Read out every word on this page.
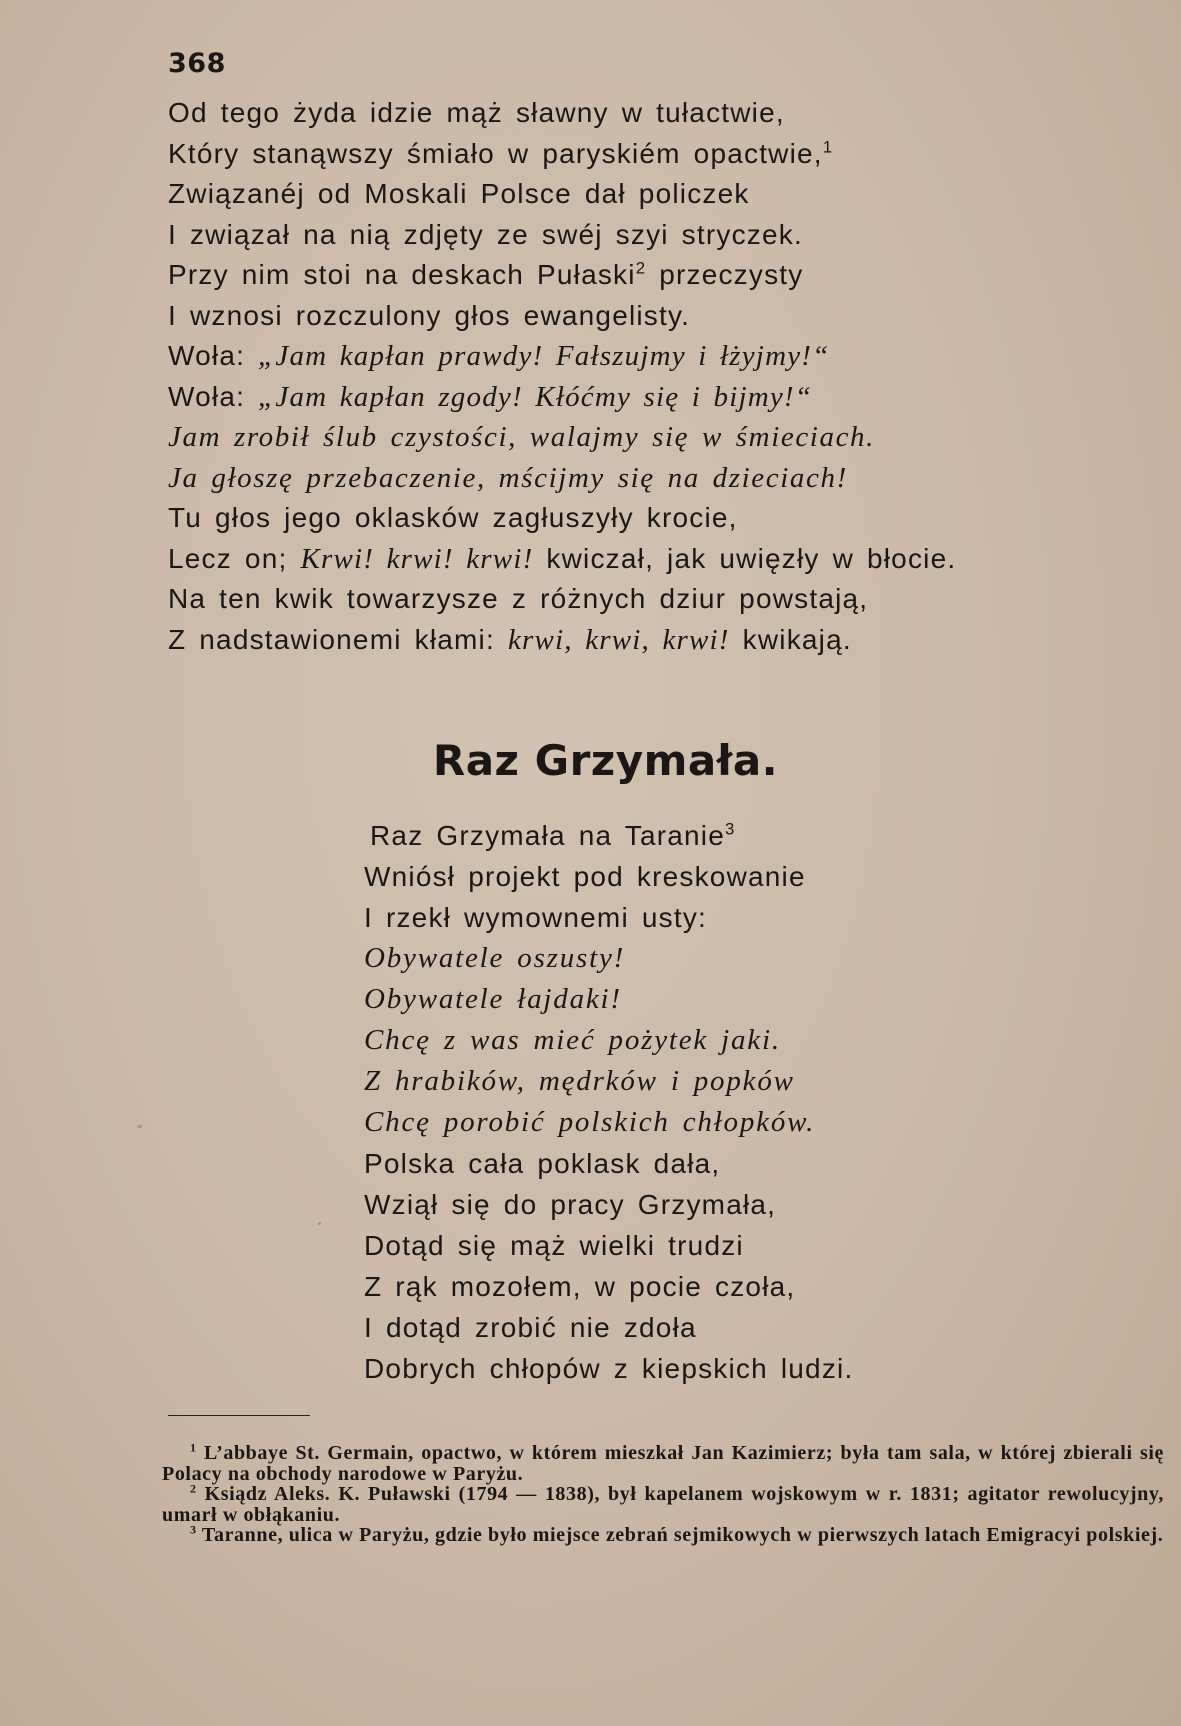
368
Od tego żyda idzie mąż sławny w tułactwie,
Który stanąwszy śmiało w paryskiém opactwie,$^1$
Związanéj od Moskali Polsce dał policzek
I związał na nią zdjęty ze swéj szyi stryczek.
Przy nim stoi na deskach Pułaski$^2$ przeczysty
I wznosi rozczulony głos ewangelisty.
Woła: „Jam kapłan prawdy! Fałszujmy i łżyjmy!“
Woła: „Jam kapłan zgody! Kłóćmy się i bijmy!“
Jam zrobił ślub czystości, walajmy się w śmieciach.
Ja głoszę przebaczenie, mścijmy się na dzieciach!
Tu głos jego oklasków zagłuszyły krocie,
Lecz on; Krwi! krwi! krwi! kwiczał, jak uwięzły w błocie.
Na ten kwik towarzysze z różnych dziur powstają,
Z nadstawionemi kłami: krwi, krwi, krwi! kwikają.
Raz Grzymała.
Raz Grzymała na Taranie$^3$
Wniósł projekt pod kreskowanie
I rzekł wymownemi usty:
Obywatele oszusty!
Obywatele łajdaki!
Chcę z was mieć pożytek jaki.
Z hrabików, mędrków i popków
Chcę porobić polskich chłopków.
Polska cała poklask dała,
Wziął się do pracy Grzymała,
Dotąd się mąż wielki trudzi
Z rąk mozołem, w pocie czoła,
I dotąd zrobić nie zdoła
Dobrych chłopów z kiepskich ludzi.

$^1$ L’abbaye St. Germain, opactwo, w którem mieszkał Jan Kazimierz; była tam sala, w której zbierali się Polacy na obchody narodowe w Paryżu.

$^2$ Ksiądz Aleks. K. Puławski (1794 — 1838), był kapelanem wojskowym w r. 1831; agitator rewolucyjny, umarł w obłąkaniu.

$^3$ Taranne, ulica w Paryżu, gdzie było miejsce zebrań sejmikowych w pierwszych latach Emigracyi polskiej.
